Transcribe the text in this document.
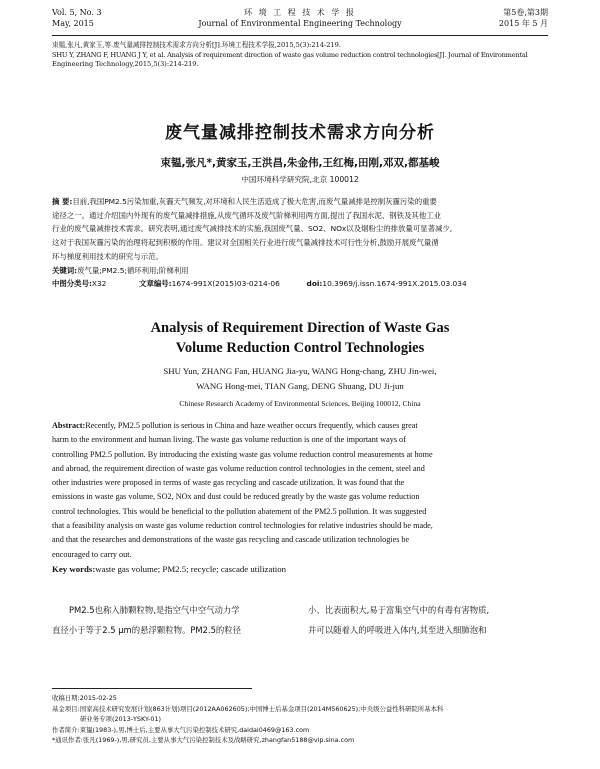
Vol. 5, No. 3
May, 2015
环 境 工 程 技 术 学 报
Journal of Environmental Engineering Technology
第5卷,第3期
2015 年 5 月
束韫,张凡,黄家玉,等.废气量减排控制技术需求方向分析[J].环境工程技术学报,2015,5(3):214-219.
SHU Y, ZHANG F, HUANG J Y, et al. Analysis of requirement direction of waste gas volume reduction control technologies[J]. Journal of Environmental
Engineering Technology,2015,5(3):214-219.
废气量减排控制技术需求方向分析
束韫,张凡*,黄家玉,王洪昌,朱金伟,王红梅,田刚,邓双,都基峻
中国环境科学研究院,北京 100012
摘 要:目前,我国PM2.5污染加重,灰霾天气频发,对环境和人民生活造成了极大危害,而废气量减排是控制灰霾污染的重要
途径之一。通过介绍国内外现有的废气量减排措施,从废气循环及废气阶梯利用两方面,提出了我国水泥、钢铁及其他工业
行业的废气量减排技术需求。研究表明,通过废气减排技术的实施,我国废气量、SO2、NOx以及烟粉尘的排放量可显著减少,
这对于我国灰霾污染的治理将起到积极的作用。建议对全国相关行业进行废气量减排技术可行性分析,鼓励开展废气量循
环与梯度利用技术的研究与示范。
关键词:废气量;PM2.5;循环利用;阶梯利用
中图分类号:X32	文章编号:1674-991X(2015)03-0214-06	doi:10.3969/j.issn.1674-991X.2015.03.034
Analysis of Requirement Direction of Waste Gas
Volume Reduction Control Technologies
SHU Yun, ZHANG Fan, HUANG Jia-yu, WANG Hong-chang, ZHU Jin-wei,
WANG Hong-mei, TIAN Gang, DENG Shuang, DU Ji-jun
Chinese Research Academy of Environmental Sciences, Beijing 100012, China
Abstract:Recently, PM2.5 pollution is serious in China and haze weather occurs frequently, which causes great
harm to the environment and human living. The waste gas volume reduction is one of the important ways of
controlling PM2.5 pollution. By introducing the existing waste gas volume reduction control measurements at home
and abroad, the requirement direction of waste gas volume reduction control technologies in the cement, steel and
other industries were proposed in terms of waste gas recycling and cascade utilization. It was found that the
emissions in waste gas volume, SO2, NOx and dust could be reduced greatly by the waste gas volume reduction
control technologies. This would be beneficial to the pollution abatement of the PM2.5 pollution. It was suggested
that a feasibility analysis on waste gas volume reduction control technologies for relative industries should be made,
and that the researches and demonstrations of the waste gas recycling and cascade utilization technologies be
encouraged to carry out.
Key words:waste gas volume; PM2.5; recycle; cascade utilization
PM2.5也称入肺颗粒物,是指空气中空气动力学
直径小于等于2.5 μm的悬浮颗粒物。PM2.5的粒径
小、比表面积大,易于富集空气中的有毒有害物质,
并可以随着人的呼吸进入体内,其至进入细肺泡和
收稿日期:2015-02-25
基金项目:国家高技术研究发展计划(863计划)项目(2012AA062605);中国博士后基金项目(2014M560625);中央级公益性科研院所基本科
研业务专项(2013-YSKY-01)
作者简介:束韫(1983-),男,博士后,主要从事大气污染控制技术研究,daidai0469@163.com
*通讯作者:张凡(1969-),男,研究员,主要从事大气污染控制技术及战略研究,zhangfan5188@vip.sina.com
